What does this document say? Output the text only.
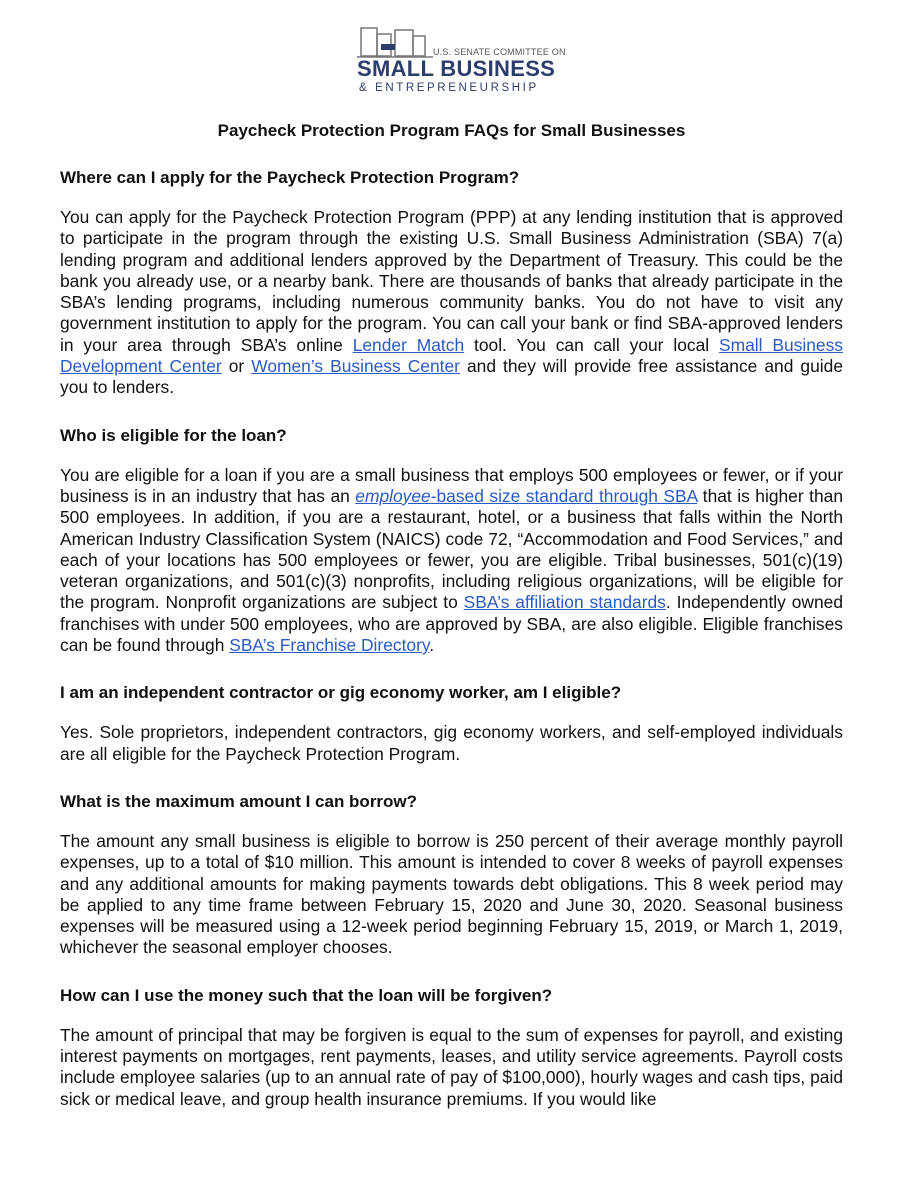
U.S. SENATE COMMITTEE ON
SMALL BUSINESS
& ENTREPRENEURSHIP
Paycheck Protection Program FAQs for Small Businesses
Where can I apply for the Paycheck Protection Program?

You can apply for the Paycheck Protection Program (PPP) at any lending institution that is approved to participate in the program through the existing U.S. Small Business Administration (SBA) 7(a) lending program and additional lenders approved by the Department of Treasury. This could be the bank you already use, or a nearby bank. There are thousands of banks that already participate in the SBA’s lending programs, including numerous community banks. You do not have to visit any government institution to apply for the program. You can call your bank or find SBA-approved lenders in your area through SBA’s online Lender Match tool. You can call your local Small Business Development Center or Women’s Business Center and they will provide free assistance and guide you to lenders.

Who is eligible for the loan?

You are eligible for a loan if you are a small business that employs 500 employees or fewer, or if your business is in an industry that has an employee-based size standard through SBA that is higher than 500 employees. In addition, if you are a restaurant, hotel, or a business that falls within the North American Industry Classification System (NAICS) code 72, “Accommodation and Food Services,” and each of your locations has 500 employees or fewer, you are eligible. Tribal businesses, 501(c)(19) veteran organizations, and 501(c)(3) nonprofits, including religious organizations, will be eligible for the program. Nonprofit organizations are subject to SBA’s affiliation standards. Independently owned franchises with under 500 employees, who are approved by SBA, are also eligible. Eligible franchises can be found through SBA’s Franchise Directory.

I am an independent contractor or gig economy worker, am I eligible?

Yes. Sole proprietors, independent contractors, gig economy workers, and self-employed individuals are all eligible for the Paycheck Protection Program.

What is the maximum amount I can borrow?

The amount any small business is eligible to borrow is 250 percent of their average monthly payroll expenses, up to a total of $10 million. This amount is intended to cover 8 weeks of payroll expenses and any additional amounts for making payments towards debt obligations. This 8 week period may be applied to any time frame between February 15, 2020 and June 30, 2020. Seasonal business expenses will be measured using a 12-week period beginning February 15, 2019, or March 1, 2019, whichever the seasonal employer chooses.

How can I use the money such that the loan will be forgiven?

The amount of principal that may be forgiven is equal to the sum of expenses for payroll, and existing interest payments on mortgages, rent payments, leases, and utility service agreements. Payroll costs include employee salaries (up to an annual rate of pay of $100,000), hourly wages and cash tips, paid sick or medical leave, and group health insurance premiums. If you would like
